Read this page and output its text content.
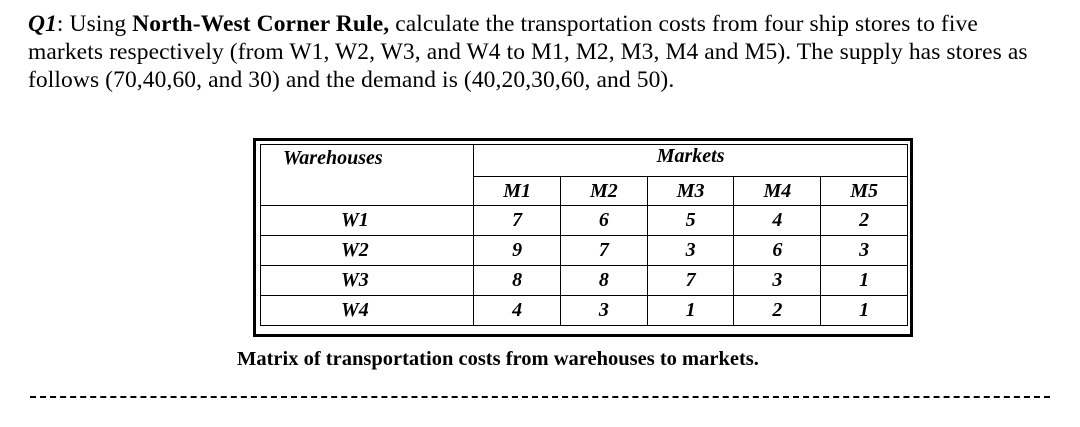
Q1: Using North-West Corner Rule, calculate the transportation costs from four ship stores to five markets respectively (from W1, W2, W3, and W4 to M1, M2, M3, M4 and M5). The supply has stores as follows (70,40,60, and 30) and the demand is (40,20,30,60, and 50).
Warehouses	Markets				
	M1	M2	M3	M4	M5
W1	7	6	5	4	2
W2	9	7	3	6	3
W3	8	8	7	3	1
W4	4	3	1	2	1
Matrix of transportation costs from warehouses to markets.
